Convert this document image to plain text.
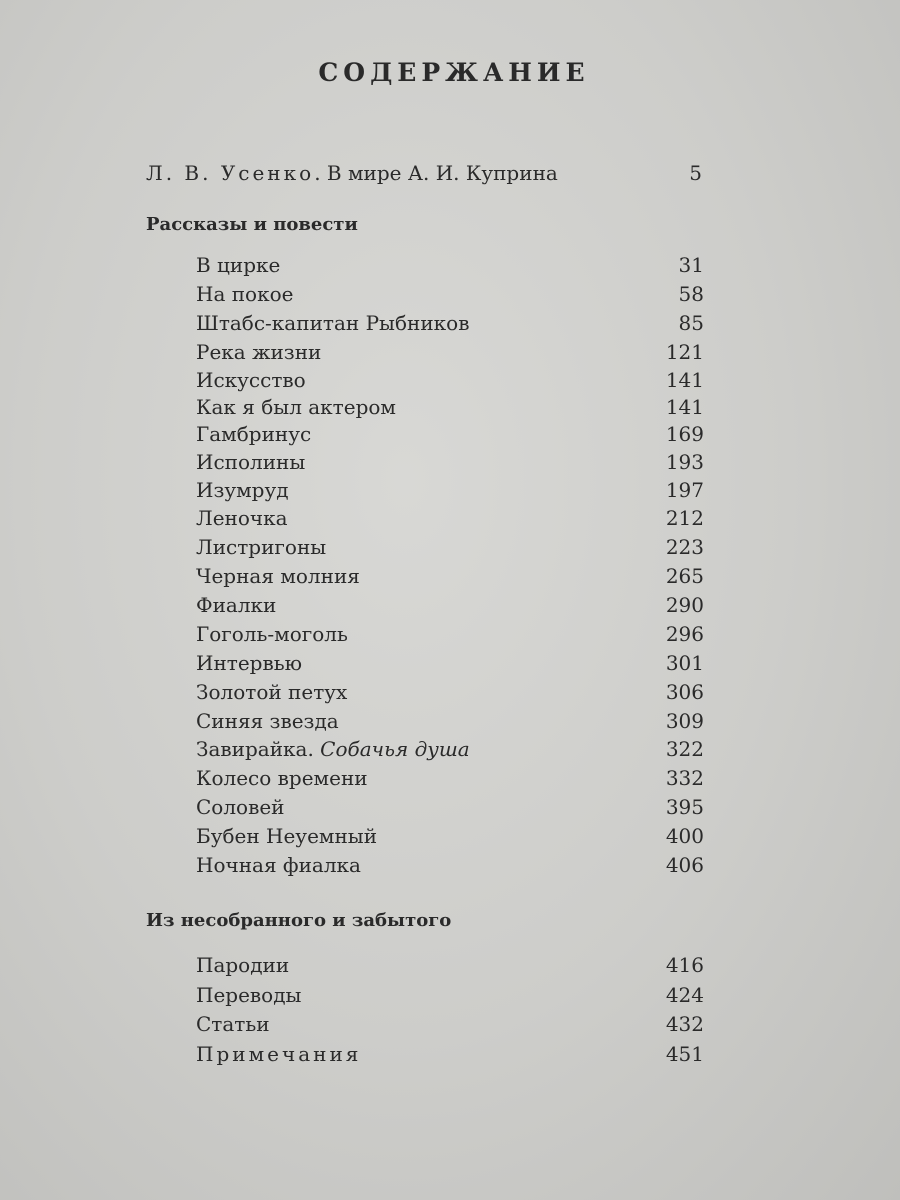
СОДЕРЖАНИЕ
Л. В. Усенко. В мире А. И. Куприна	5
Рассказы и повести
В цирке	31
На покое	58
Штабс-капитан Рыбников	85
Река жизни	121
Искусство	141
Как я был актером	141
Гамбринус	169
Исполины	193
Изумруд	197
Леночка	212
Листригоны	223
Черная молния	265
Фиалки	290
Гоголь-моголь	296
Интервью	301
Золотой петух	306
Синяя звезда	309
Завирайка. Собачья душа	322
Колесо времени	332
Соловей	395
Бубен Неуемный	400
Ночная фиалка	406
Из несобранного и забытого
Пародии	416
Переводы	424
Статьи	432
Примечания	451
